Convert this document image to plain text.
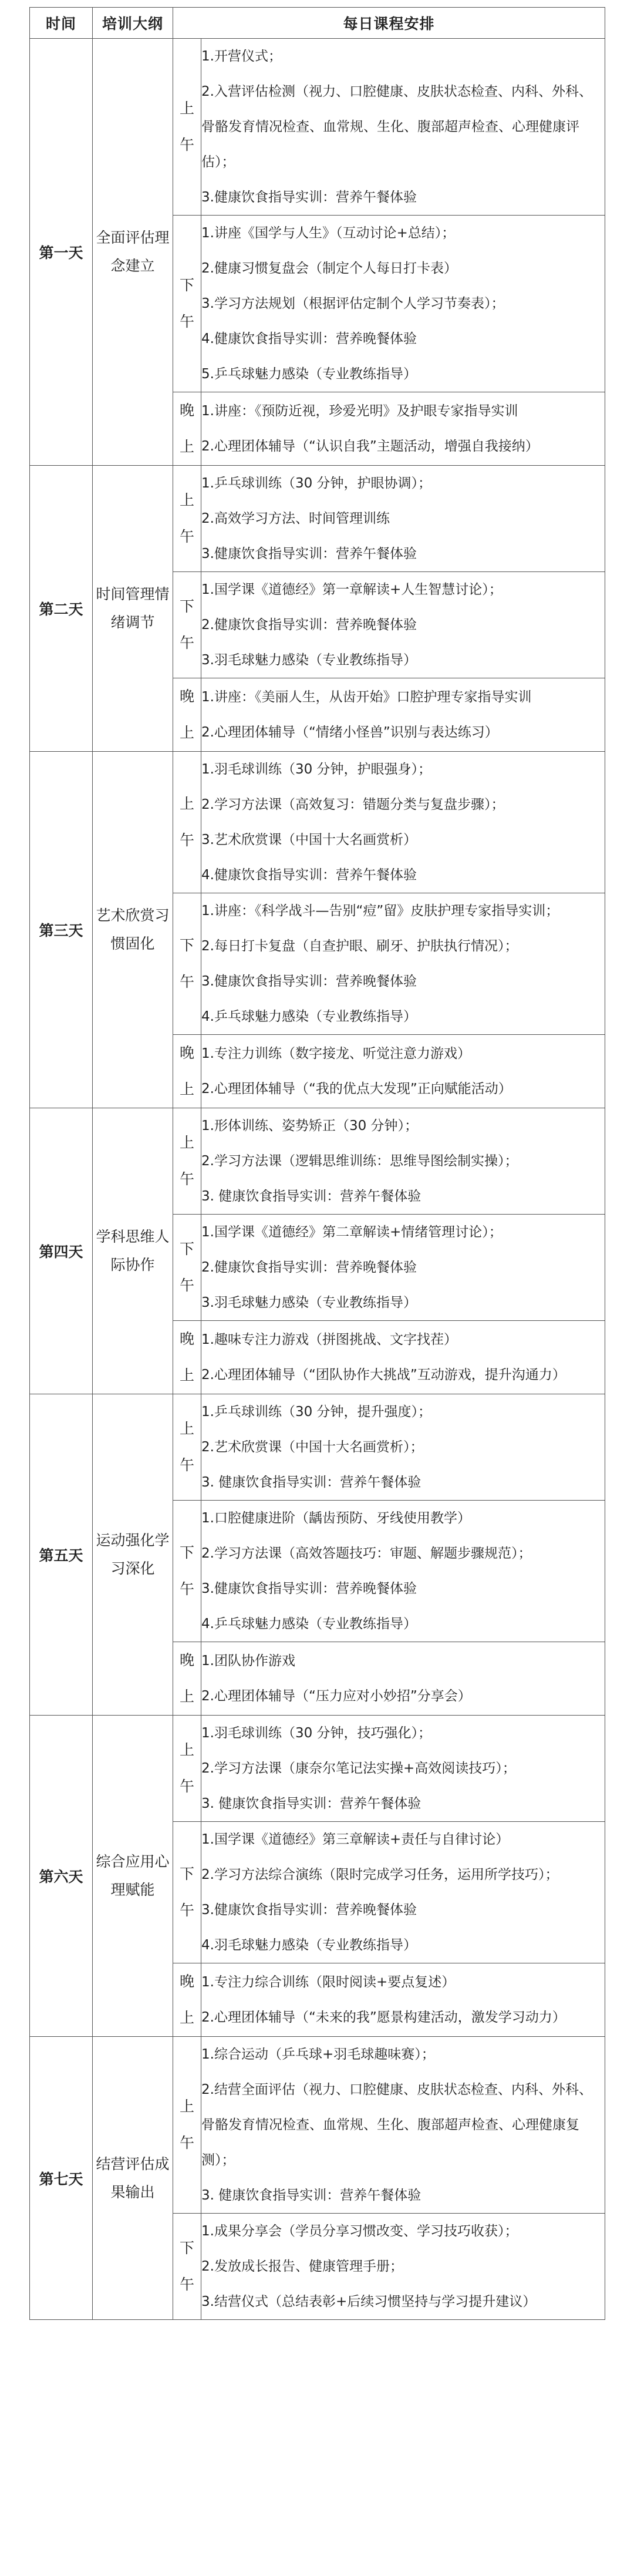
时间	培训大纲	每日课程安排	
第一天	全面评估理念建立	上午	1.开营仪式；
2.入营评估检测（视力、口腔健康、皮肤状态检查、内科、外科、骨骼发育情况检查、血常规、生化、腹部超声检查、心理健康评估）；
3.健康饮食指导实训：营养午餐体验

		下午	1.讲座《国学与人生》（互动讨论+总结）；
2.健康习惯复盘会（制定个人每日打卡表）
3.学习方法规划（根据评估定制个人学习节奏表）；
4.健康饮食指导实训：营养晚餐体验
5.乒乓球魅力感染（专业教练指导）

		晚上	1.讲座：《预防近视，珍爱光明》及护眼专家指导实训
2.心理团体辅导（“认识自我”主题活动，增强自我接纳）

第二天	时间管理情绪调节	上午	1.乒乓球训练（30 分钟，护眼协调）；
2.高效学习方法、时间管理训练
3.健康饮食指导实训：营养午餐体验

		下午	1.国学课《道德经》第一章解读+人生智慧讨论）；
2.健康饮食指导实训：营养晚餐体验
3.羽毛球魅力感染（专业教练指导）

		晚上	1.讲座：《美丽人生，从齿开始》口腔护理专家指导实训
2.心理团体辅导（“情绪小怪兽”识别与表达练习）

第三天	艺术欣赏习惯固化	上午	1.羽毛球训练（30 分钟，护眼强身）；
2.学习方法课（高效复习：错题分类与复盘步骤）；
3.艺术欣赏课（中国十大名画赏析）
4.健康饮食指导实训：营养午餐体验

		下午	1.讲座：《科学战斗—告别“痘”留》皮肤护理专家指导实训；
2.每日打卡复盘（自查护眼、刷牙、护肤执行情况）；
3.健康饮食指导实训：营养晚餐体验
4.乒乓球魅力感染（专业教练指导）

		晚上	1.专注力训练（数字接龙、听觉注意力游戏）
2.心理团体辅导（“我的优点大发现”正向赋能活动）

第四天	学科思维人际协作	上午	1.形体训练、姿势矫正（30 分钟）；
2.学习方法课（逻辑思维训练：思维导图绘制实操）；
3. 健康饮食指导实训：营养午餐体验

		下午	1.国学课《道德经》第二章解读+情绪管理讨论）；
2.健康饮食指导实训：营养晚餐体验
3.羽毛球魅力感染（专业教练指导）

		晚上	1.趣味专注力游戏（拼图挑战、文字找茬）
2.心理团体辅导（“团队协作大挑战”互动游戏，提升沟通力）

第五天	运动强化学习深化	上午	1.乒乓球训练（30 分钟，提升强度）；
2.艺术欣赏课（中国十大名画赏析）；
3. 健康饮食指导实训：营养午餐体验

		下午	1.口腔健康进阶（龋齿预防、牙线使用教学）
2.学习方法课（高效答题技巧：审题、解题步骤规范）；
3.健康饮食指导实训：营养晚餐体验
4.乒乓球魅力感染（专业教练指导）

		晚上	1.团队协作游戏
2.心理团体辅导（“压力应对小妙招”分享会）

第六天	综合应用心理赋能	上午	1.羽毛球训练（30 分钟，技巧强化）；
2.学习方法课（康奈尔笔记法实操+高效阅读技巧）；
3. 健康饮食指导实训：营养午餐体验

		下午	1.国学课《道德经》第三章解读+责任与自律讨论）
2.学习方法综合演练（限时完成学习任务，运用所学技巧）；
3.健康饮食指导实训：营养晚餐体验
4.羽毛球魅力感染（专业教练指导）

		晚上	1.专注力综合训练（限时阅读+要点复述）
2.心理团体辅导（“未来的我”愿景构建活动，激发学习动力）

第七天	结营评估成果输出	上午	1.综合运动（乒乓球+羽毛球趣味赛）；
2.结营全面评估（视力、口腔健康、皮肤状态检查、内科、外科、骨骼发育情况检查、血常规、生化、腹部超声检查、心理健康复测）；
3. 健康饮食指导实训：营养午餐体验

		下午	1.成果分享会（学员分享习惯改变、学习技巧收获）；
2.发放成长报告、健康管理手册；
3.结营仪式（总结表彰+后续习惯坚持与学习提升建议）
